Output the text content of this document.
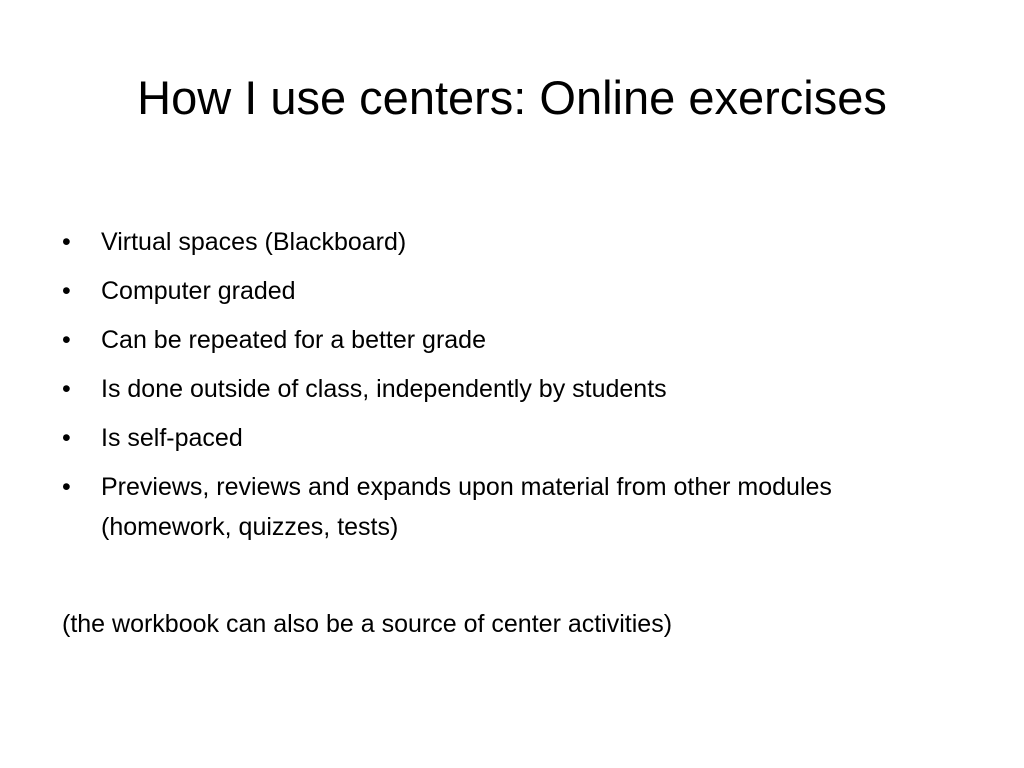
How I use centers: Online exercises
• Virtual spaces (Blackboard)
• Computer graded
• Can be repeated for a better grade
• Is done outside of class, independently by students
• Is self-paced
• Previews, reviews and expands upon material from other modules (homework, quizzes, tests)

(the workbook can also be a source of center activities)
